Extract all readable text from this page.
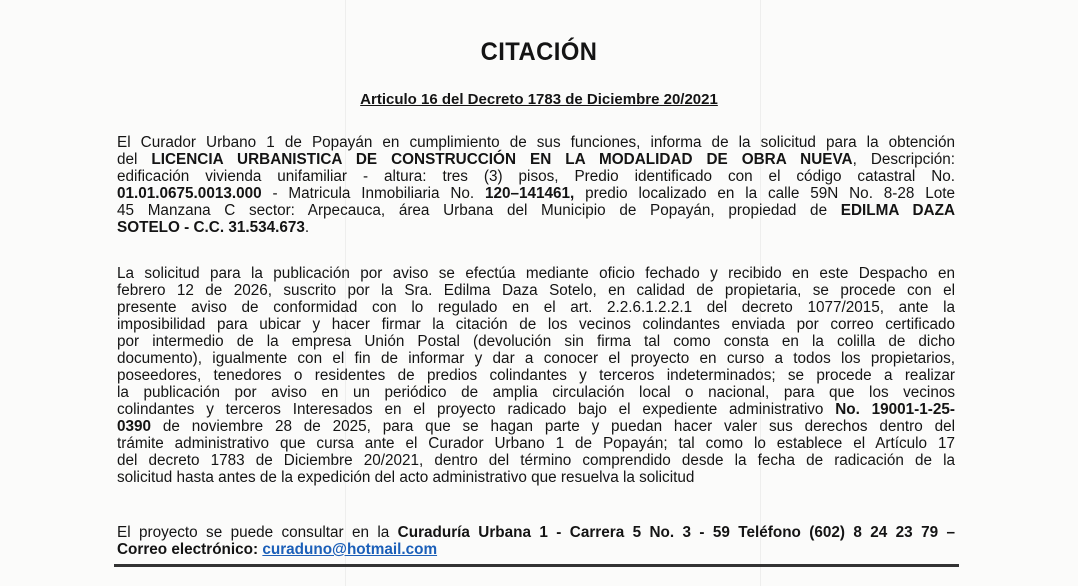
CITACIÓN
Articulo 16 del Decreto 1783 de Diciembre 20/2021
El Curador Urbano 1 de Popayán en cumplimiento de sus funciones, informa de la solicitud para la obtención
del LICENCIA URBANISTICA DE CONSTRUCCIÓN EN LA MODALIDAD DE OBRA NUEVA, Descripción:
edificación vivienda unifamiliar - altura: tres (3) pisos, Predio identificado con el código catastral No.
01.01.0675.0013.000 - Matricula Inmobiliaria No. 120–141461, predio localizado en la calle 59N No. 8-28 Lote
45 Manzana C sector: Arpecauca, área Urbana del Municipio de Popayán, propiedad de EDILMA DAZA
SOTELO - C.C. 31.534.673.
La solicitud para la publicación por aviso se efectúa mediante oficio fechado y recibido en este Despacho en
febrero 12 de 2026, suscrito por la Sra. Edilma Daza Sotelo, en calidad de propietaria, se procede con el
presente aviso de conformidad con lo regulado en el art. 2.2.6.1.2.2.1 del decreto 1077/2015, ante la
imposibilidad para ubicar y hacer firmar la citación de los vecinos colindantes enviada por correo certificado
por intermedio de la empresa Unión Postal (devolución sin firma tal como consta en la colilla de dicho
documento), igualmente con el fin de informar y dar a conocer el proyecto en curso a todos los propietarios,
poseedores, tenedores o residentes de predios colindantes y terceros indeterminados; se procede a realizar
la publicación por aviso en un periódico de amplia circulación local o nacional, para que los vecinos
colindantes y terceros Interesados en el proyecto radicado bajo el expediente administrativo No. 19001-1-25-
0390 de noviembre 28 de 2025, para que se hagan parte y puedan hacer valer sus derechos dentro del
trámite administrativo que cursa ante el Curador Urbano 1 de Popayán; tal como lo establece el Artículo 17
del decreto 1783 de Diciembre 20/2021, dentro del término comprendido desde la fecha de radicación de la
solicitud hasta antes de la expedición del acto administrativo que resuelva la solicitud
El proyecto se puede consultar en la Curaduría Urbana 1 - Carrera 5 No. 3 - 59 Teléfono (602) 8 24 23 79 –
Correo electrónico: curaduno@hotmail.com
